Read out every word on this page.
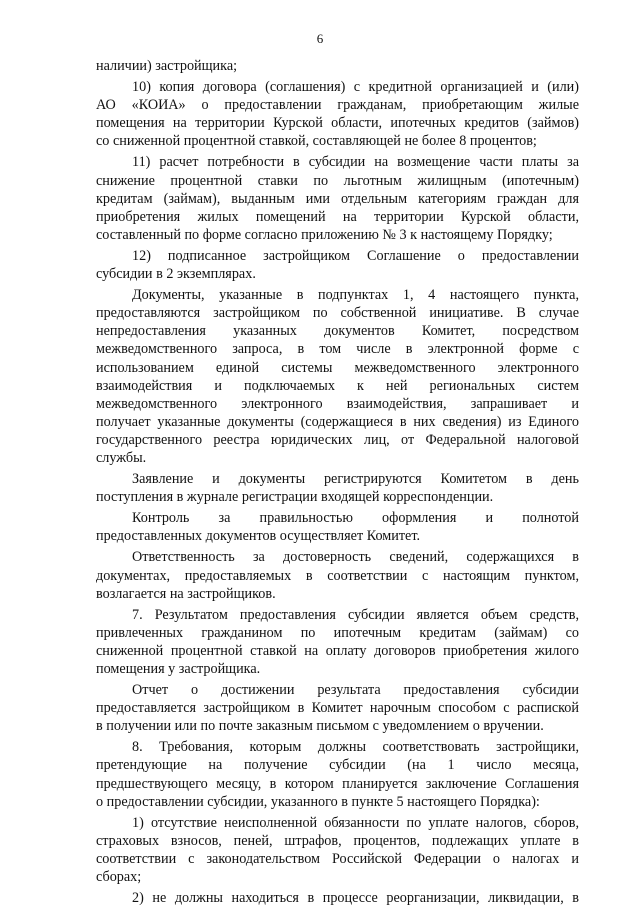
6
наличии) застройщика;
10) копия договора (соглашения) с кредитной организацией и (или)
АО «КОИА» о предоставлении гражданам, приобретающим жилые
помещения на территории Курской области, ипотечных кредитов (займов)
со сниженной процентной ставкой, составляющей не более 8 процентов;
11) расчет потребности в субсидии на возмещение части платы за
снижение процентной ставки по льготным жилищным (ипотечным)
кредитам (займам), выданным ими отдельным категориям граждан для
приобретения жилых помещений на территории Курской области,
составленный по форме согласно приложению № 3 к настоящему Порядку;
12) подписанное застройщиком Соглашение о предоставлении
субсидии в 2 экземплярах.
Документы, указанные в подпунктах 1, 4 настоящего пункта,
предоставляются застройщиком по собственной инициативе. В случае
непредоставления указанных документов Комитет, посредством
межведомственного запроса, в том числе в электронной форме с
использованием единой системы межведомственного электронного
взаимодействия и подключаемых к ней региональных систем
межведомственного электронного взаимодействия, запрашивает и
получает указанные документы (содержащиеся в них сведения) из Единого
государственного реестра юридических лиц, от Федеральной налоговой
службы.
Заявление и документы регистрируются Комитетом в день
поступления в журнале регистрации входящей корреспонденции.
Контроль за правильностью оформления и полнотой
предоставленных документов осуществляет Комитет.
Ответственность за достоверность сведений, содержащихся в
документах, предоставляемых в соответствии с настоящим пунктом,
возлагается на застройщиков.
7. Результатом предоставления субсидии является объем средств,
привлеченных гражданином по ипотечным кредитам (займам) со
сниженной процентной ставкой на оплату договоров приобретения жилого
помещения у застройщика.
Отчет о достижении результата предоставления субсидии
предоставляется застройщиком в Комитет нарочным способом с распиской
в получении или по почте заказным письмом с уведомлением о вручении.
8. Требования, которым должны соответствовать застройщики,
претендующие на получение субсидии (на 1 число месяца,
предшествующего месяцу, в котором планируется заключение Соглашения
о предоставлении субсидии, указанного в пункте 5 настоящего Порядка):
1) отсутствие неисполненной обязанности по уплате налогов, сборов,
страховых взносов, пеней, штрафов, процентов, подлежащих уплате в
соответствии с законодательством Российской Федерации о налогах и
сборах;
2) не должны находиться в процессе реорганизации, ликвидации, в
